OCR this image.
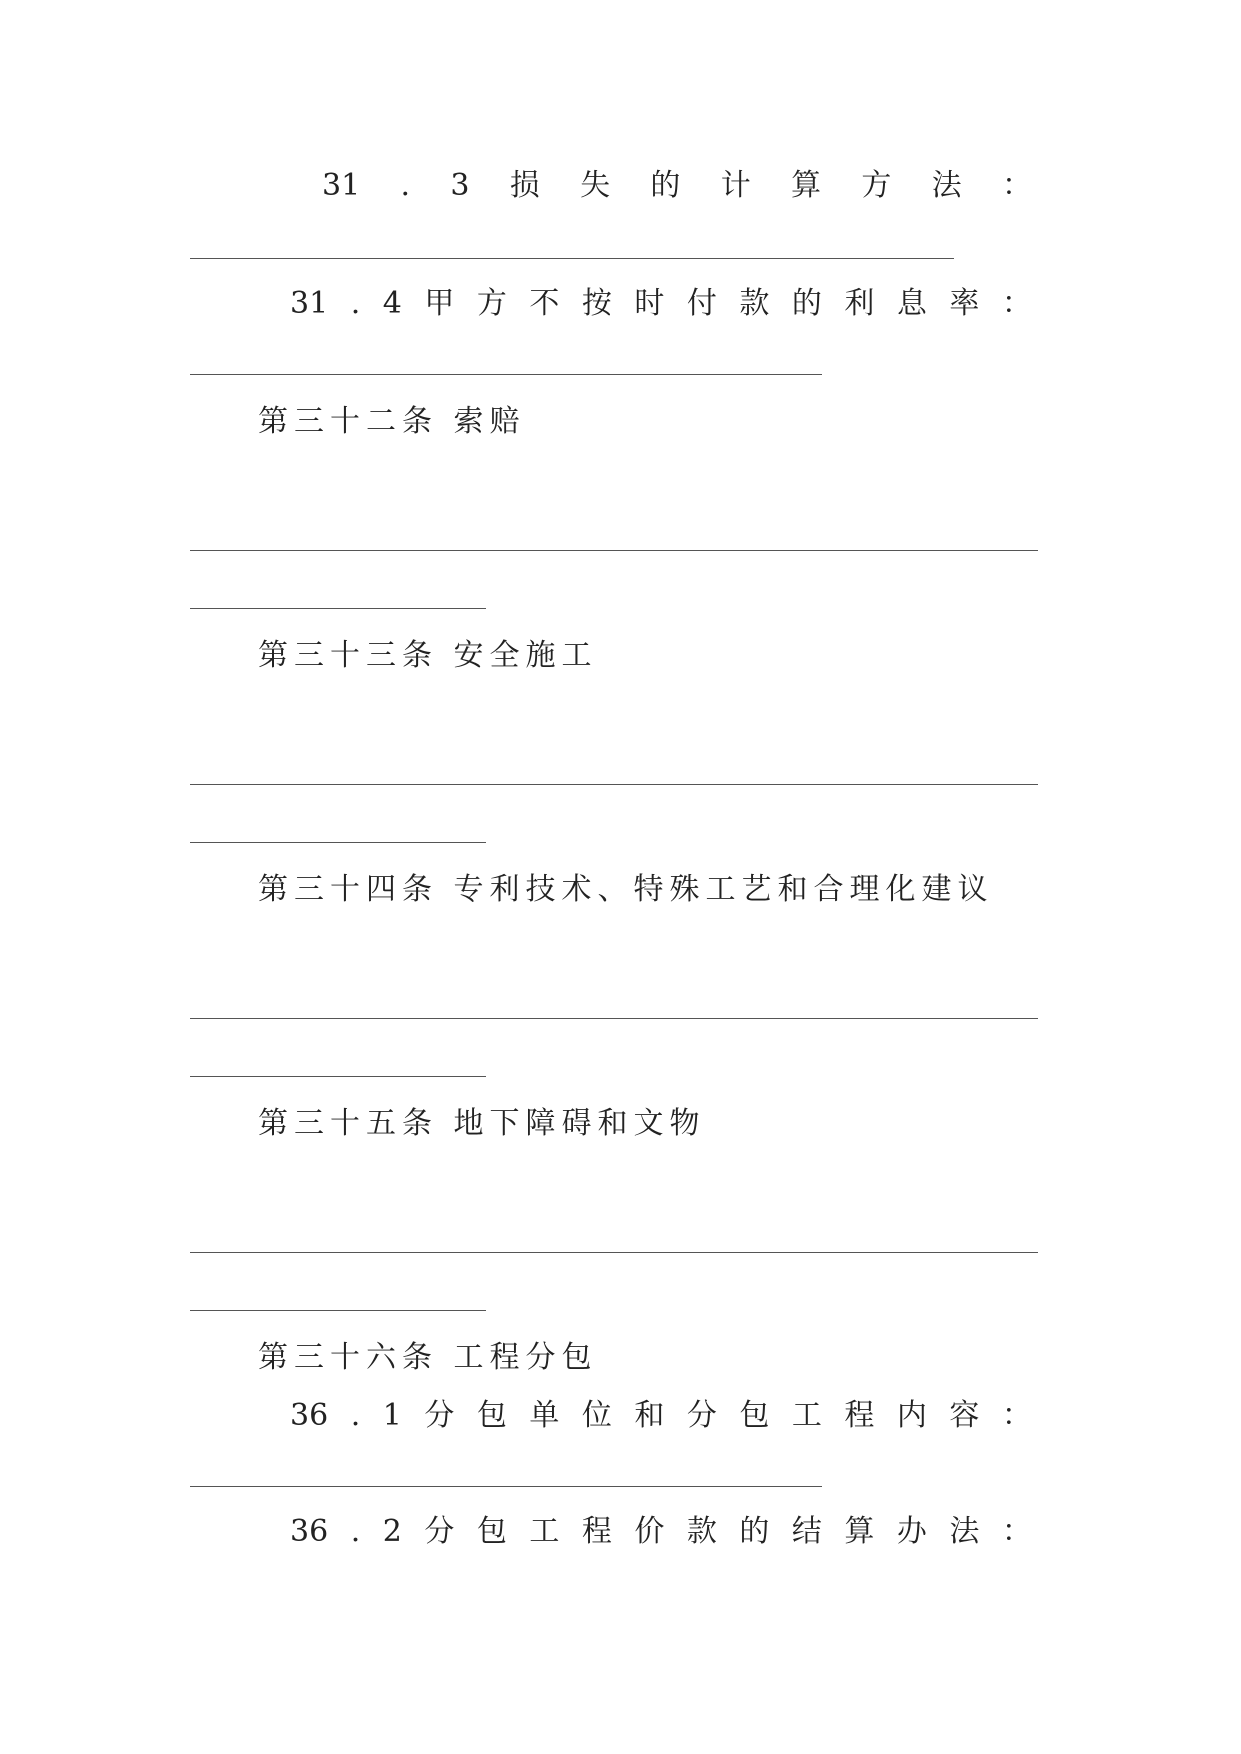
31 . 3 损 失 的 计 算 方 法 ：
31 . 4 甲 方 不 按 时 付 款 的 利 息 率 ：
第三十二条 索赔
第三十三条 安全施工
第三十四条 专利技术、特殊工艺和合理化建议
第三十五条 地下障碍和文物
第三十六条 工程分包
36 . 1 分 包 单 位 和 分 包 工 程 内 容 ：
36 . 2 分 包 工 程 价 款 的 结 算 办 法 ：
